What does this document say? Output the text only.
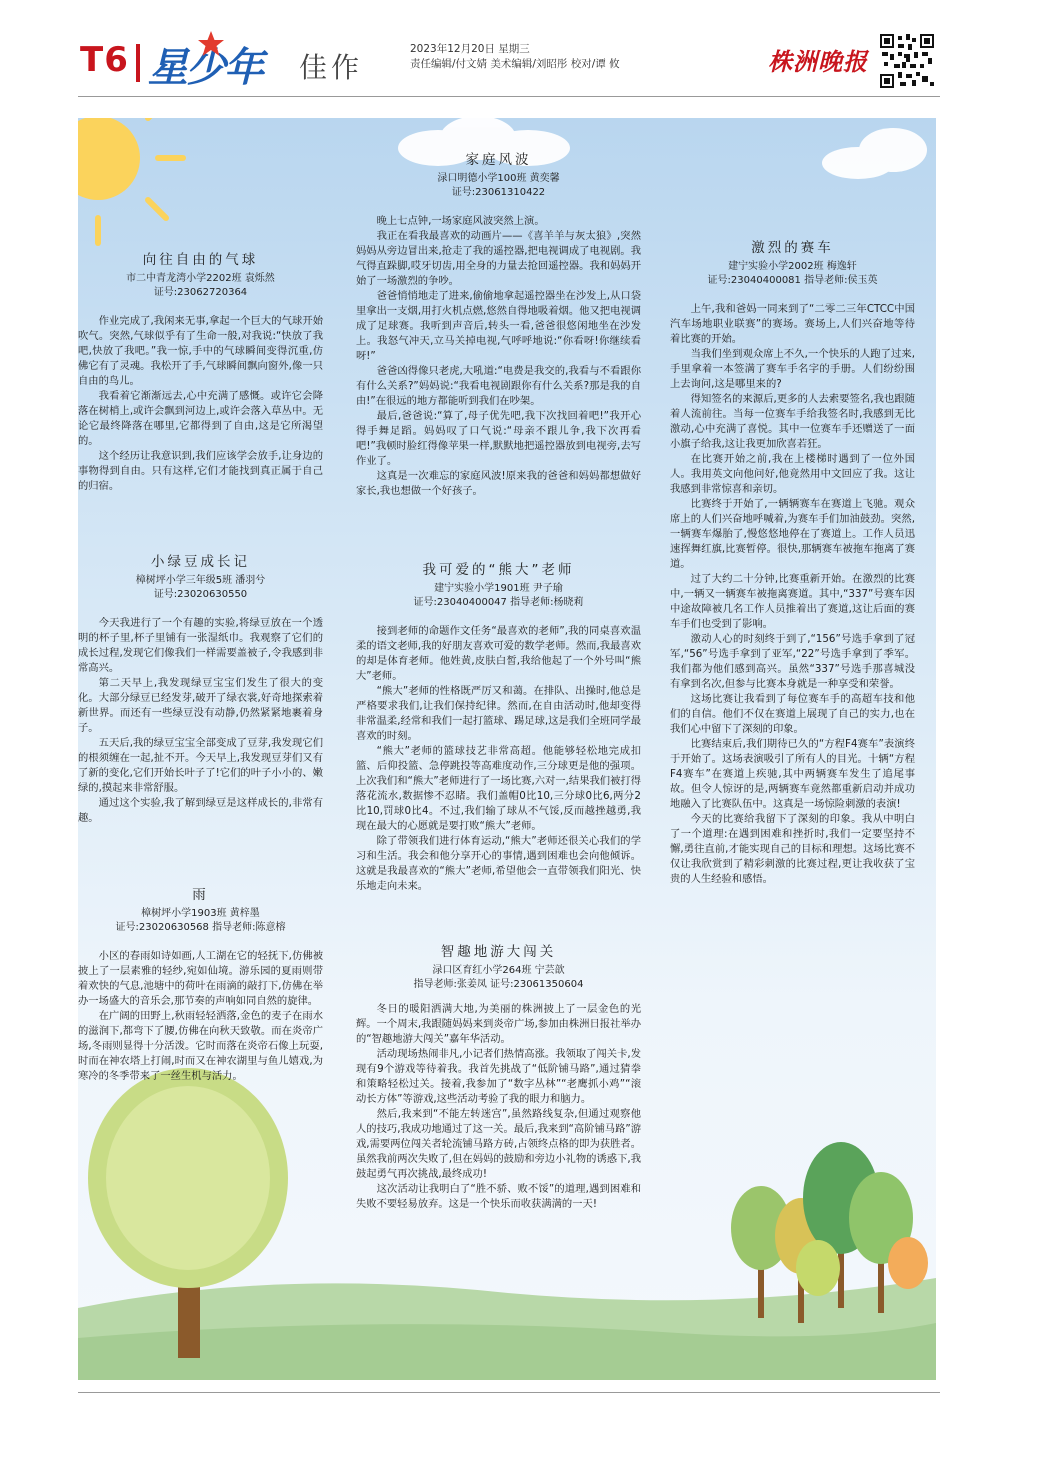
T6 星少年 佳作
2023年12月20日 星期三
责任编辑/付文婧 美术编辑/刘昭彤 校对/谭 攸	株洲晚报
向往自由的气球
市二中青龙湾小学2202班 袁烁然
证号:23062720364

作业完成了,我闲来无事,拿起一个巨大的气球开始吹气。突然,气球似乎有了生命一般,对我说:“快放了我吧,快放了我吧。”我一惊,手中的气球瞬间变得沉重,仿佛它有了灵魂。我松开了手,气球瞬间飘向窗外,像一只自由的鸟儿。

我看着它渐渐远去,心中充满了感慨。或许它会降落在树梢上,或许会飘到河边上,或许会落入草丛中。无论它最终降落在哪里,它都得到了自由,这是它所渴望的。

这个经历让我意识到,我们应该学会放手,让身边的事物得到自由。只有这样,它们才能找到真正属于自己的归宿。

小绿豆成长记
樟树坪小学三年级5班 潘羽兮
证号:23020630550

今天我进行了一个有趣的实验,将绿豆放在一个透明的杯子里,杯子里铺有一张湿纸巾。我观察了它们的成长过程,发现它们像我们一样需要盖被子,令我感到非常高兴。

第二天早上,我发现绿豆宝宝们发生了很大的变化。大部分绿豆已经发芽,破开了绿衣裳,好奇地探索着新世界。而还有一些绿豆没有动静,仍然紧紧地裹着身子。

五天后,我的绿豆宝宝全部变成了豆芽,我发现它们的根须缠在一起,扯不开。今天早上,我发现豆芽们又有了新的变化,它们开始长叶子了!它们的叶子小小的、嫩绿的,摸起来非常舒服。

通过这个实验,我了解到绿豆是这样成长的,非常有趣。

雨
樟树坪小学1903班 黄梓墨
证号:23020630568 指导老师:陈意榕

小区的春雨如诗如画,人工湖在它的轻抚下,仿佛被披上了一层素雅的轻纱,宛如仙境。游乐园的夏雨则带着欢快的气息,池塘中的荷叶在雨滴的敲打下,仿佛在举办一场盛大的音乐会,那节奏的声响如同自然的旋律。

在广阔的田野上,秋雨轻轻洒落,金色的麦子在雨水的滋润下,都弯下了腰,仿佛在向秋天致敬。而在炎帝广场,冬雨则显得十分活泼。它时而落在炎帝石像上玩耍,时而在神农塔上打闹,时而又在神农湖里与鱼儿嬉戏,为寒冷的冬季带来了一丝生机与活力。

家庭风波
渌口明德小学100班 黄奕馨
证号:23061310422

晚上七点钟,一场家庭风波突然上演。

我正在看我最喜欢的动画片——《喜羊羊与灰太狼》,突然妈妈从旁边冒出来,抢走了我的遥控器,把电视调成了电视剧。我气得直跺脚,哎牙切齿,用全身的力量去抢回遥控器。我和妈妈开始了一场激烈的争吵。

爸爸悄悄地走了进来,偷偷地拿起遥控器坐在沙发上,从口袋里拿出一支烟,用打火机点燃,悠然自得地吸着烟。他又把电视调成了足球赛。我听到声音后,转头一看,爸爸很悠闲地坐在沙发上。我怒气冲天,立马关掉电视,气呼呼地说:“你看呀!你继续看呀!”

爸爸凶得像只老虎,大吼道:“电费是我交的,我看与不看跟你有什么关系?”妈妈说:“我看电视剧跟你有什么关系?那是我的自由!”在很远的地方都能听到我们在吵架。

最后,爸爸说:“算了,母子优先吧,我下次找回着吧!”我开心得手舞足蹈。妈妈叹了口气说:“母亲不跟儿争,我下次再看吧!”我顿时脸红得像苹果一样,默默地把遥控器放到电视旁,去写作业了。

这真是一次难忘的家庭风波!原来我的爸爸和妈妈都想做好家长,我也想做一个好孩子。

我可爱的“熊大”老师
建宁实验小学1901班 尹子瑜
证号:23040400047 指导老师:杨晓莉

接到老师的命题作文任务“最喜欢的老师”,我的同桌喜欢温柔的语文老师,我的好朋友喜欢可爱的数学老师。然而,我最喜欢的却是体育老师。他姓黄,皮肤白皙,我给他起了一个外号叫“熊大”老师。

“熊大”老师的性格既严厉又和蔼。在排队、出操时,他总是严格要求我们,让我们保持纪律。然而,在自由活动时,他却变得非常温柔,经常和我们一起打篮球、踢足球,这是我们全班同学最喜欢的时刻。

“熊大”老师的篮球技艺非常高超。他能够轻松地完成扣篮、后仰投篮、急停跳投等高难度动作,三分球更是他的强项。上次我们和“熊大”老师进行了一场比赛,六对一,结果我们被打得落花流水,数据惨不忍睹。我们盖帽0比10,三分球0比6,两分2比10,罚球0比4。不过,我们输了球从不气馁,反而越挫越勇,我现在最大的心愿就是要打败“熊大”老师。

除了带领我们进行体育运动,“熊大”老师还很关心我们的学习和生活。我会和他分享开心的事情,遇到困难也会向他倾诉。这就是我最喜欢的“熊大”老师,希望他会一直带领我们阳光、快乐地走向未来。

智趣地游大闯关
渌口区育红小学264班 宁芸歆
指导老师:张姜凤 证号:23061350604

冬日的暖阳洒满大地,为美丽的株洲披上了一层金色的光辉。一个周末,我跟随妈妈来到炎帝广场,参加由株洲日报社举办的“智趣地游大闯关”嘉年华活动。

活动现场热闹非凡,小记者们热情高涨。我领取了闯关卡,发现有9个游戏等待着我。我首先挑战了“低阶铺马路”,通过猜拳和策略轻松过关。接着,我参加了“数字丛林”“老鹰抓小鸡”“滚动长方体”等游戏,这些活动考验了我的眼力和脑力。

然后,我来到“不能左转迷宫”,虽然路线复杂,但通过观察他人的技巧,我成功地通过了这一关。最后,我来到“高阶铺马路”游戏,需要两位闯关者轮流铺马路方砖,占领终点格的即为获胜者。虽然我前两次失败了,但在妈妈的鼓励和旁边小礼物的诱惑下,我鼓起勇气再次挑战,最终成功!

这次活动让我明白了“胜不骄、败不馁”的道理,遇到困难和失败不要轻易放弃。这是一个快乐而收获满满的一天!

激烈的赛车
建宁实验小学2002班 梅逸轩
证号:23040400081 指导老师:侯玉英

上午,我和爸妈一同来到了“二零二三年CTCC中国汽车场地职业联赛”的赛场。赛场上,人们兴奋地等待着比赛的开始。

当我们坐到观众席上不久,一个快乐的人跑了过来,手里拿着一本签满了赛车手名字的手册。人们纷纷围上去询问,这是哪里来的?

得知签名的来源后,更多的人去索要签名,我也跟随着人流前往。当每一位赛车手给我签名时,我感到无比激动,心中充满了喜悦。其中一位赛车手还赠送了一面小旗子给我,这让我更加欣喜若狂。

在比赛开始之前,我在上楼梯时遇到了一位外国人。我用英文向他问好,他竟然用中文回应了我。这让我感到非常惊喜和亲切。

比赛终于开始了,一辆辆赛车在赛道上飞驰。观众席上的人们兴奋地呼喊着,为赛车手们加油鼓劲。突然,一辆赛车爆胎了,慢悠悠地停在了赛道上。工作人员迅速挥舞红旗,比赛暂停。很快,那辆赛车被拖车拖离了赛道。

过了大约二十分钟,比赛重新开始。在激烈的比赛中,一辆又一辆赛车被拖离赛道。其中,“337”号赛车因中途故障被几名工作人员推着出了赛道,这让后面的赛车手们也受到了影响。

激动人心的时刻终于到了,“156”号选手拿到了冠军,“56”号选手拿到了亚军,“22”号选手拿到了季军。我们都为他们感到高兴。虽然“337”号选手那喜城没有拿到名次,但参与比赛本身就是一种享受和荣誉。

这场比赛让我看到了每位赛车手的高超车技和他们的自信。他们不仅在赛道上展现了自己的实力,也在我们心中留下了深刻的印象。

比赛结束后,我们期待已久的“方程F4赛车”表演终于开始了。这场表演吸引了所有人的目光。十辆“方程F4赛车”在赛道上疾驰,其中两辆赛车发生了追尾事故。但令人惊讶的是,两辆赛车竟然都重新启动并成功地融入了比赛队伍中。这真是一场惊险刺激的表演!

今天的比赛给我留下了深刻的印象。我从中明白了一个道理:在遇到困难和挫折时,我们一定要坚持不懈,勇往直前,才能实现自己的目标和理想。这场比赛不仅让我欣赏到了精彩刺激的比赛过程,更让我收获了宝贵的人生经验和感悟。
